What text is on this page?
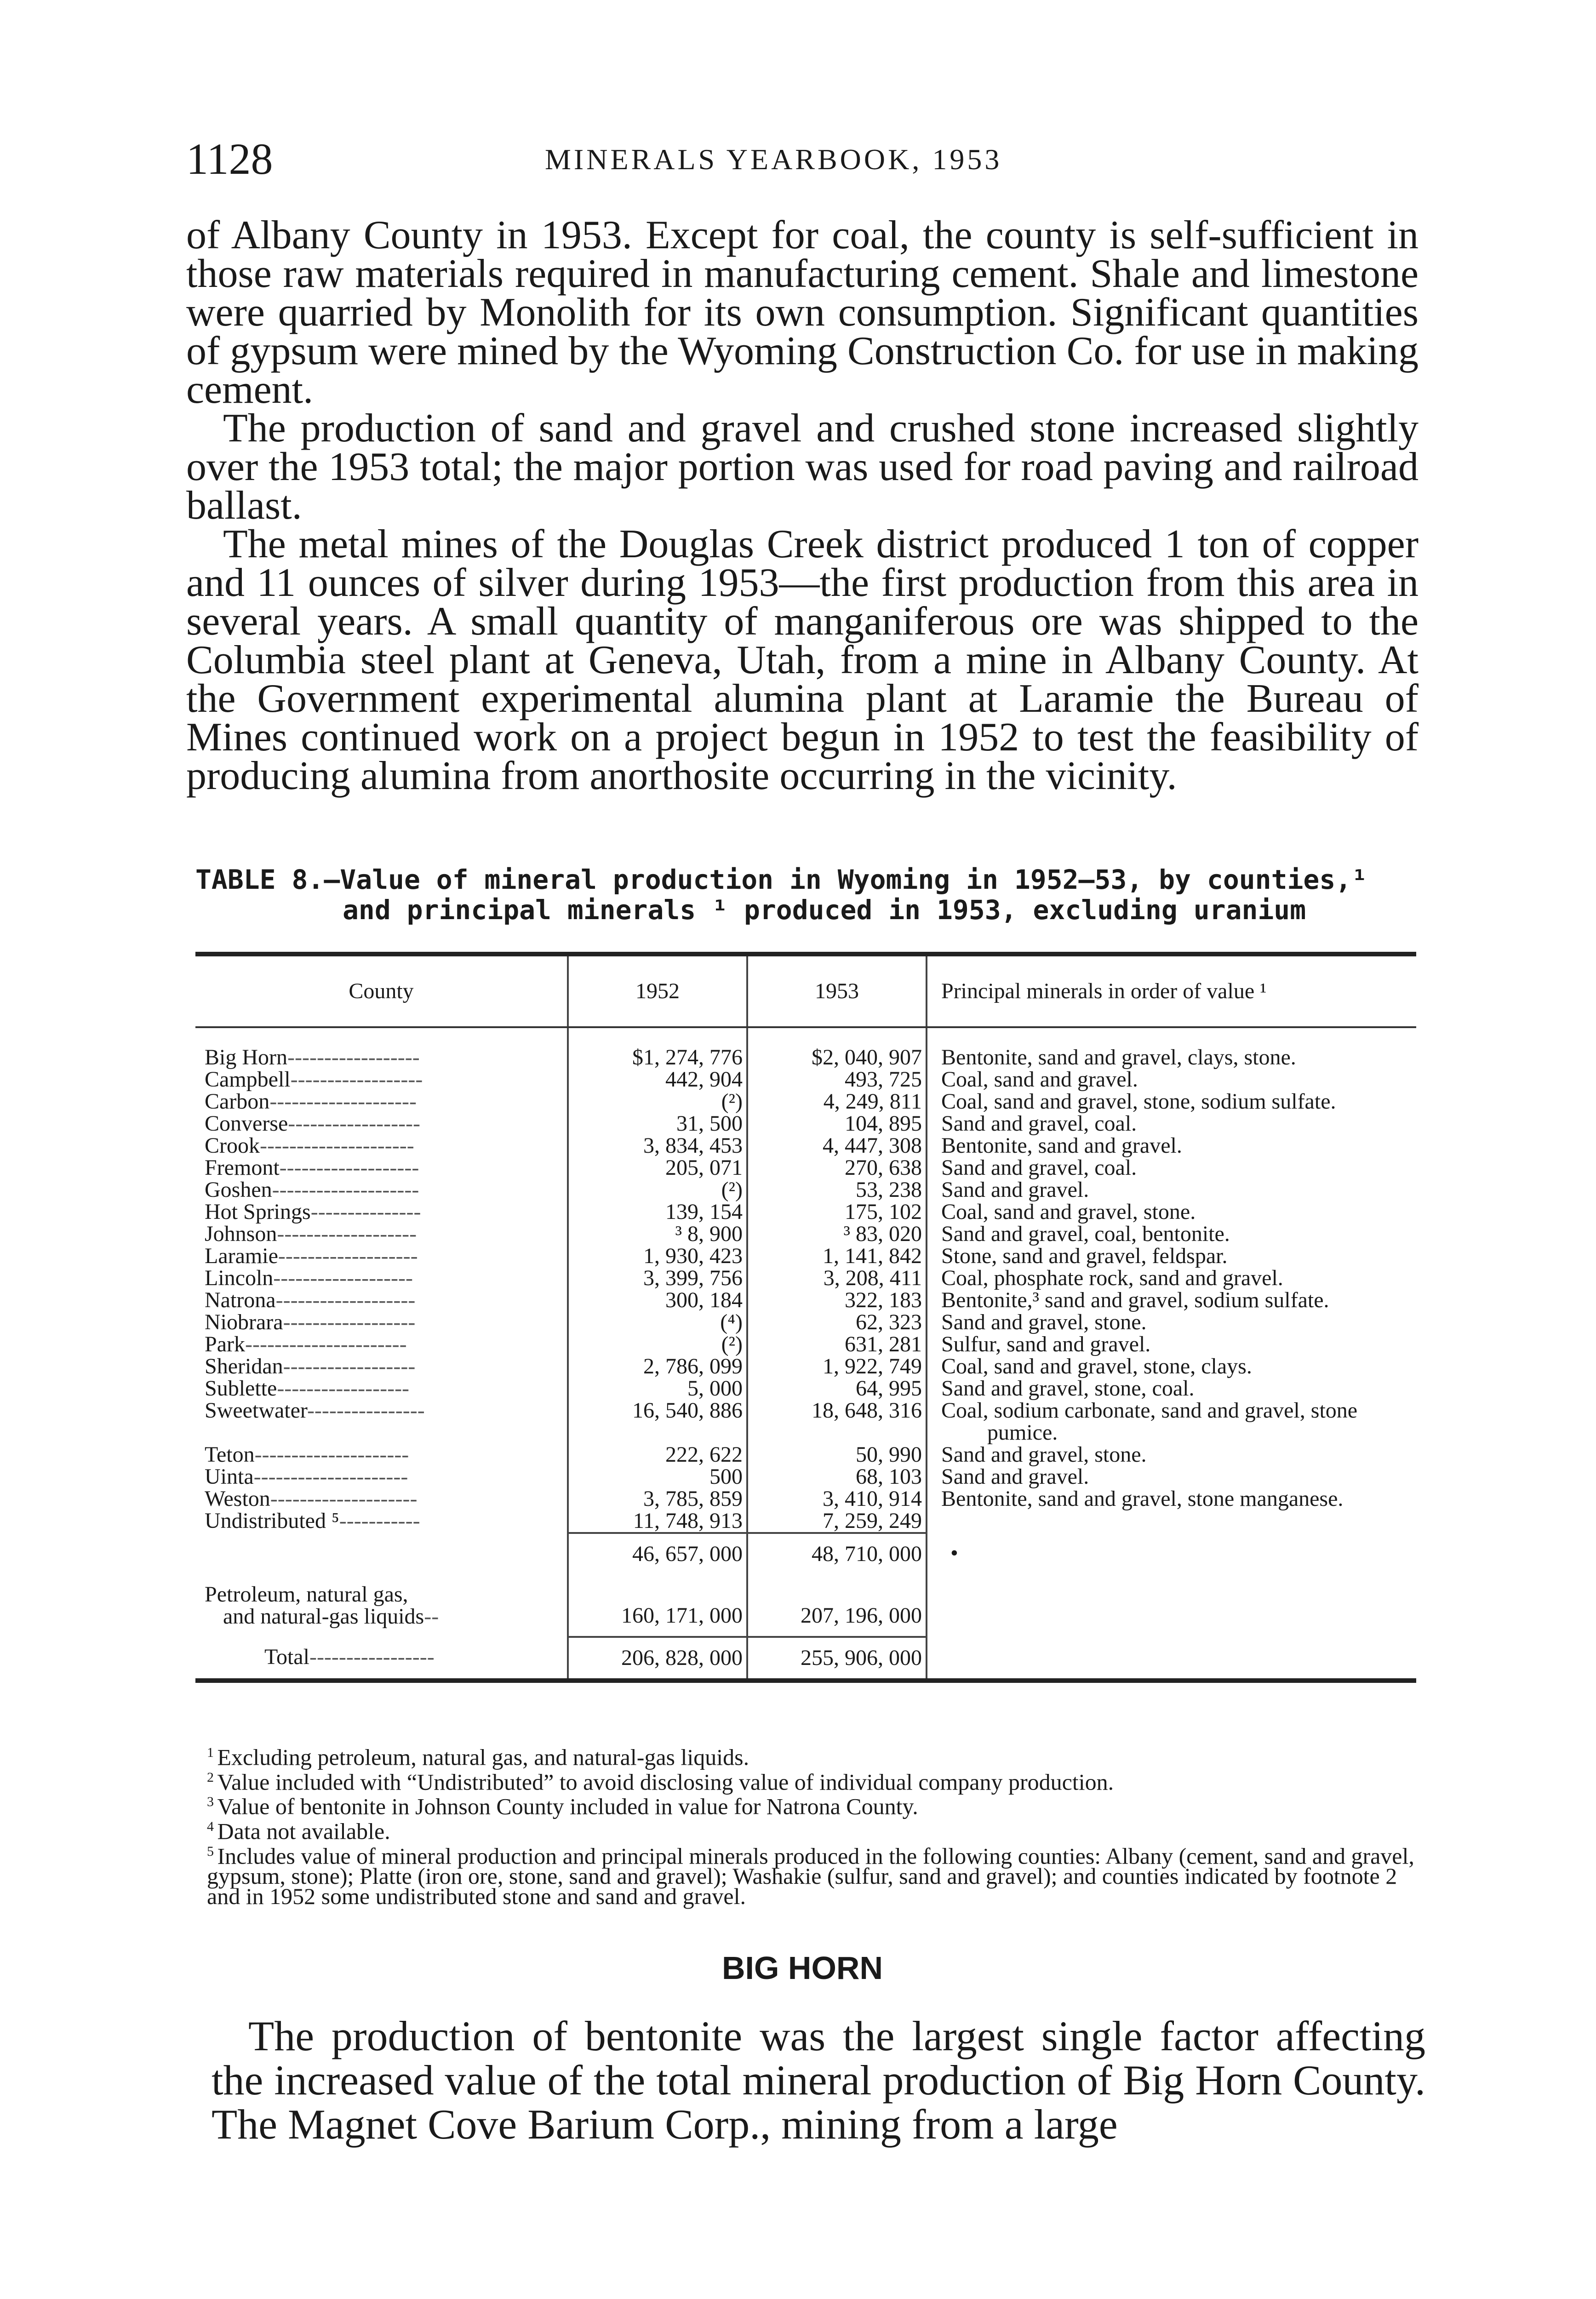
1128	MINERALS YEARBOOK, 1953

of Albany County in 1953. Except for coal, the county is self-sufficient in those raw materials required in manufacturing cement. Shale and limestone were quarried by Monolith for its own consumption. Significant quantities of gypsum were mined by the Wyoming Construction Co. for use in making cement.

The production of sand and gravel and crushed stone increased slightly over the 1953 total; the major portion was used for road paving and railroad ballast.

The metal mines of the Douglas Creek district produced 1 ton of copper and 11 ounces of silver during 1953—the first production from this area in several years. A small quantity of manganiferous ore was shipped to the Columbia steel plant at Geneva, Utah, from a mine in Albany County. At the Government experimental alumina plant at Laramie the Bureau of Mines continued work on a project begun in 1952 to test the feasibility of producing alumina from anorthosite occurring in the vicinity.

TABLE 8.—Value of mineral production in Wyoming in 1952–53, by counties,¹
and principal minerals ¹ produced in 1953, excluding uranium
County	1952	1953	Principal minerals in order of value ¹

Big Horn------------------	$1, 274, 776	$2, 040, 907	Bentonite, sand and gravel, clays, stone.

Campbell------------------	442, 904	493, 725	Coal, sand and gravel.

Carbon--------------------	(²)	4, 249, 811	Coal, sand and gravel, stone, sodium sulfate.

Converse------------------	31, 500	104, 895	Sand and gravel, coal.

Crook---------------------	3, 834, 453	4, 447, 308	Bentonite, sand and gravel.

Fremont-------------------	205, 071	270, 638	Sand and gravel, coal.

Goshen--------------------	(²)	53, 238	Sand and gravel.

Hot Springs---------------	139, 154	175, 102	Coal, sand and gravel, stone.

Johnson-------------------	³ 8, 900	³ 83, 020	Sand and gravel, coal, bentonite.

Laramie-------------------	1, 930, 423	1, 141, 842	Stone, sand and gravel, feldspar.

Lincoln-------------------	3, 399, 756	3, 208, 411	Coal, phosphate rock, sand and gravel.

Natrona-------------------	300, 184	322, 183	Bentonite,³ sand and gravel, sodium sulfate.

Niobrara------------------	(⁴)	62, 323	Sand and gravel, stone.

Park----------------------	(²)	631, 281	Sulfur, sand and gravel.

Sheridan------------------	2, 786, 099	1, 922, 749	Coal, sand and gravel, stone, clays.

Sublette------------------	5, 000	64, 995	Sand and gravel, stone, coal.

Sweetwater----------------	16, 540, 886	18, 648, 316	Coal, sodium carbonate, sand and gravel, stone
pumice.

Teton---------------------	222, 622	50, 990	Sand and gravel, stone.

Uinta---------------------	500	68, 103	Sand and gravel.

Weston--------------------	3, 785, 859	3, 410, 914	Bentonite, sand and gravel, stone manganese.

Undistributed ⁵-----------	11, 748, 913	7, 259, 249	

	46, 657, 000	48, 710, 000	•

Petroleum, natural gas,
and natural-gas liquids--	160, 171, 000	207, 196, 000	
Total-----------------	206, 828, 000	255, 906, 000	
$^1$ Excluding petroleum, natural gas, and natural-gas liquids.
$^2$ Value included with “Undistributed” to avoid disclosing value of individual company production.
$^3$ Value of bentonite in Johnson County included in value for Natrona County.
$^4$ Data not available.
$^5$ Includes value of mineral production and principal minerals produced in the following counties: Albany (cement, sand and gravel, gypsum, stone); Platte (iron ore, stone, sand and gravel); Washakie (sulfur, sand and gravel); and counties indicated by footnote 2 and in 1952 some undistributed stone and sand and gravel.
BIG HORN

The production of bentonite was the largest single factor affecting the increased value of the total mineral production of Big Horn County. The Magnet Cove Barium Corp., mining from a large
